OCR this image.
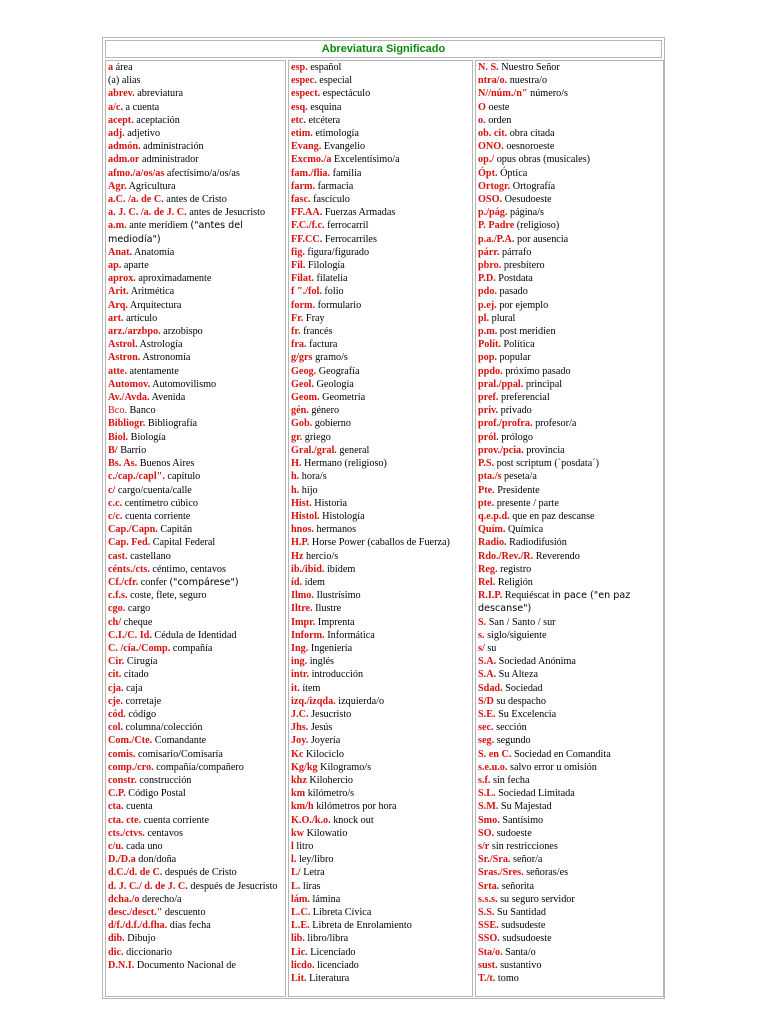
Abreviatura Significado
a área
(a) alias
abrev. abreviatura
a/c. a cuenta
acept. aceptación
adj. adjetivo
admón. administración
adm.or administrador
afmo./a/os/as afectísimo/a/os/as
Agr. Agricultura
a.C. /a. de C. antes de Cristo
a. J. C. /a. de J. C. antes de Jesucristo
a.m. ante merídiem ("antes del mediodía")
Anat. Anatomía
ap. aparte
aprox. aproximadamente
Arit. Aritmética
Arq. Arquitectura
art. artículo
arz./arzbpo. arzobispo
Astrol. Astrología
Astron. Astronomía
atte. atentamente
Automov. Automovilismo
Av./Avda. Avenida
Bco. Banco
Bibliogr. Bibliografía
Biol. Biología
B/ Barrio
Bs. As. Buenos Aires
c./cap./capl". capítulo
c/ cargo/cuenta/calle
c.c. centímetro cúbico
c/c. cuenta corriente
Cap./Capn. Capitán
Cap. Fed. Capital Federal
cast. castellano
cénts./cts. céntimo, centavos
Cf./cfr. confer ("compárese")
c.f.s. coste, flete, seguro
cgo. cargo
ch/ cheque
C.I./C. Id. Cédula de Identidad
C. /cía./Comp. compañía
Cir. Cirugía
cit. citado
cja. caja
cje. corretaje
cód. código
col. columna/colección
Com./Cte. Comandante
comis. comisario/Comisaría
comp./cro. compañía/compañero
constr. construcción
C.P. Código Postal
cta. cuenta
cta. cte. cuenta corriente
cts./ctvs. centavos
c/u. cada uno
D./D.a don/doña
d.C./d. de C. después de Cristo
d. J. C./ d. de J. C. después de Jesucristo
dcha./o derecho/a
desc./desct." descuento
d/f./d.f./d.fha. días fecha
dib. Dibujo
dic. diccionario
D.N.I. Documento Nacional de
esp. español
espec. especial
espect. espectáculo
esq. esquina
etc. etcétera
etim. etimología
Evang. Evangelio
Excmo./a Excelentísimo/a
fam./flia. familia
farm. farmacia
fasc. fascículo
FF.AA. Fuerzas Armadas
F.C./f.c. ferrocarril
FF.CC. Ferrocarriles
fig. figura/figurado
Fil. Filología
Filat. filatelia
f "./fol. folio
form. formulario
Fr. Fray
fr. francés
fra. factura
g/grs gramo/s
Geog. Geografía
Geol. Geología
Geom. Geometría
gén. género
Gob. gobierno
gr. griego
Gral./gral. general
H. Hermano (religioso)
h. hora/s
h. hijo
Hist. Historia
Histol. Histología
hnos. hermanos
H.P. Horse Power (caballos de Fuerza)
Hz hercio/s
ib./ibíd. ibídem
íd. ídem
Ilmo. Ilustrísimo
Iltre. Ilustre
Impr. Imprenta
Inform. Informática
Ing. Ingeniería
ing. inglés
intr. introducción
it. ítem
izq./izqda. izquierda/o
J.C. Jesucristo
Jhs. Jesús
Joy. Joyería
Kc Kilociclo
Kg/kg Kilogramo/s
khz Kilohercio
km kilómetro/s
km/h kilómetros por hora
K.O./k.o. knock out
kw Kilowatio
l litro
l. ley/libro
L/ Letra
L. liras
lám. lámina
L.C. Libreta Cívica
L.E. Libreta de Enrolamiento
lib. libro/libra
Lic. Licenciado
licdo. licenciado
Lit. Literatura
N. S. Nuestro Señor
ntra/o. nuestra/o
N//núm./n" número/s
O oeste
o. orden
ob. cit. obra citada
ONO. oesnoroeste
op./ opus obras (musicales)
Ópt. Óptica
Ortogr. Ortografía
OSO. Oesudoeste
p./pág. página/s
P. Padre (religioso)
p.a./P.A. por ausencia
párr. párrafo
pbro. presbítero
P.D. Postdata
pdo. pasado
p.ej. por ejemplo
pl. plural
p.m. post meridien
Polít. Política
pop. popular
ppdo. próximo pasado
pral./ppal. principal
pref. preferencial
priv. privado
prof./profra. profesor/a
pról. prólogo
prov./pcia. provincia
P.S. post scriptum (`posdata´)
pta./s peseta/a
Pte. Presidente
pte. presente / parte
q.e.p.d. que en paz descanse
Quím. Química
Radio. Radiodifusión
Rdo./Rev./R. Reverendo
Reg. registro
Rel. Religión
R.I.P. Requiéscat in pace ("en paz descanse")
S. San / Santo / sur
s. siglo/siguiente
s/ su
S.A. Sociedad Anónima
S.A. Su Alteza
Sdad. Sociedad
S/D su despacho
S.E. Su Excelencia
sec. sección
seg. segundo
S. en C. Sociedad en Comandita
s.e.u.o. salvo error u omisión
s.f. sin fecha
S.L. Sociedad Limitada
S.M. Su Majestad
Smo. Santísimo
SO. sudoeste
s/r sin restricciones
Sr./Sra. señor/a
Sras./Sres. señoras/es
Srta. señorita
s.s.s. su seguro servidor
S.S. Su Santidad
SSE. sudsudeste
SSO. sudsudoeste
Sta/o. Santa/o
sust. sustantivo
T./t. tomo
